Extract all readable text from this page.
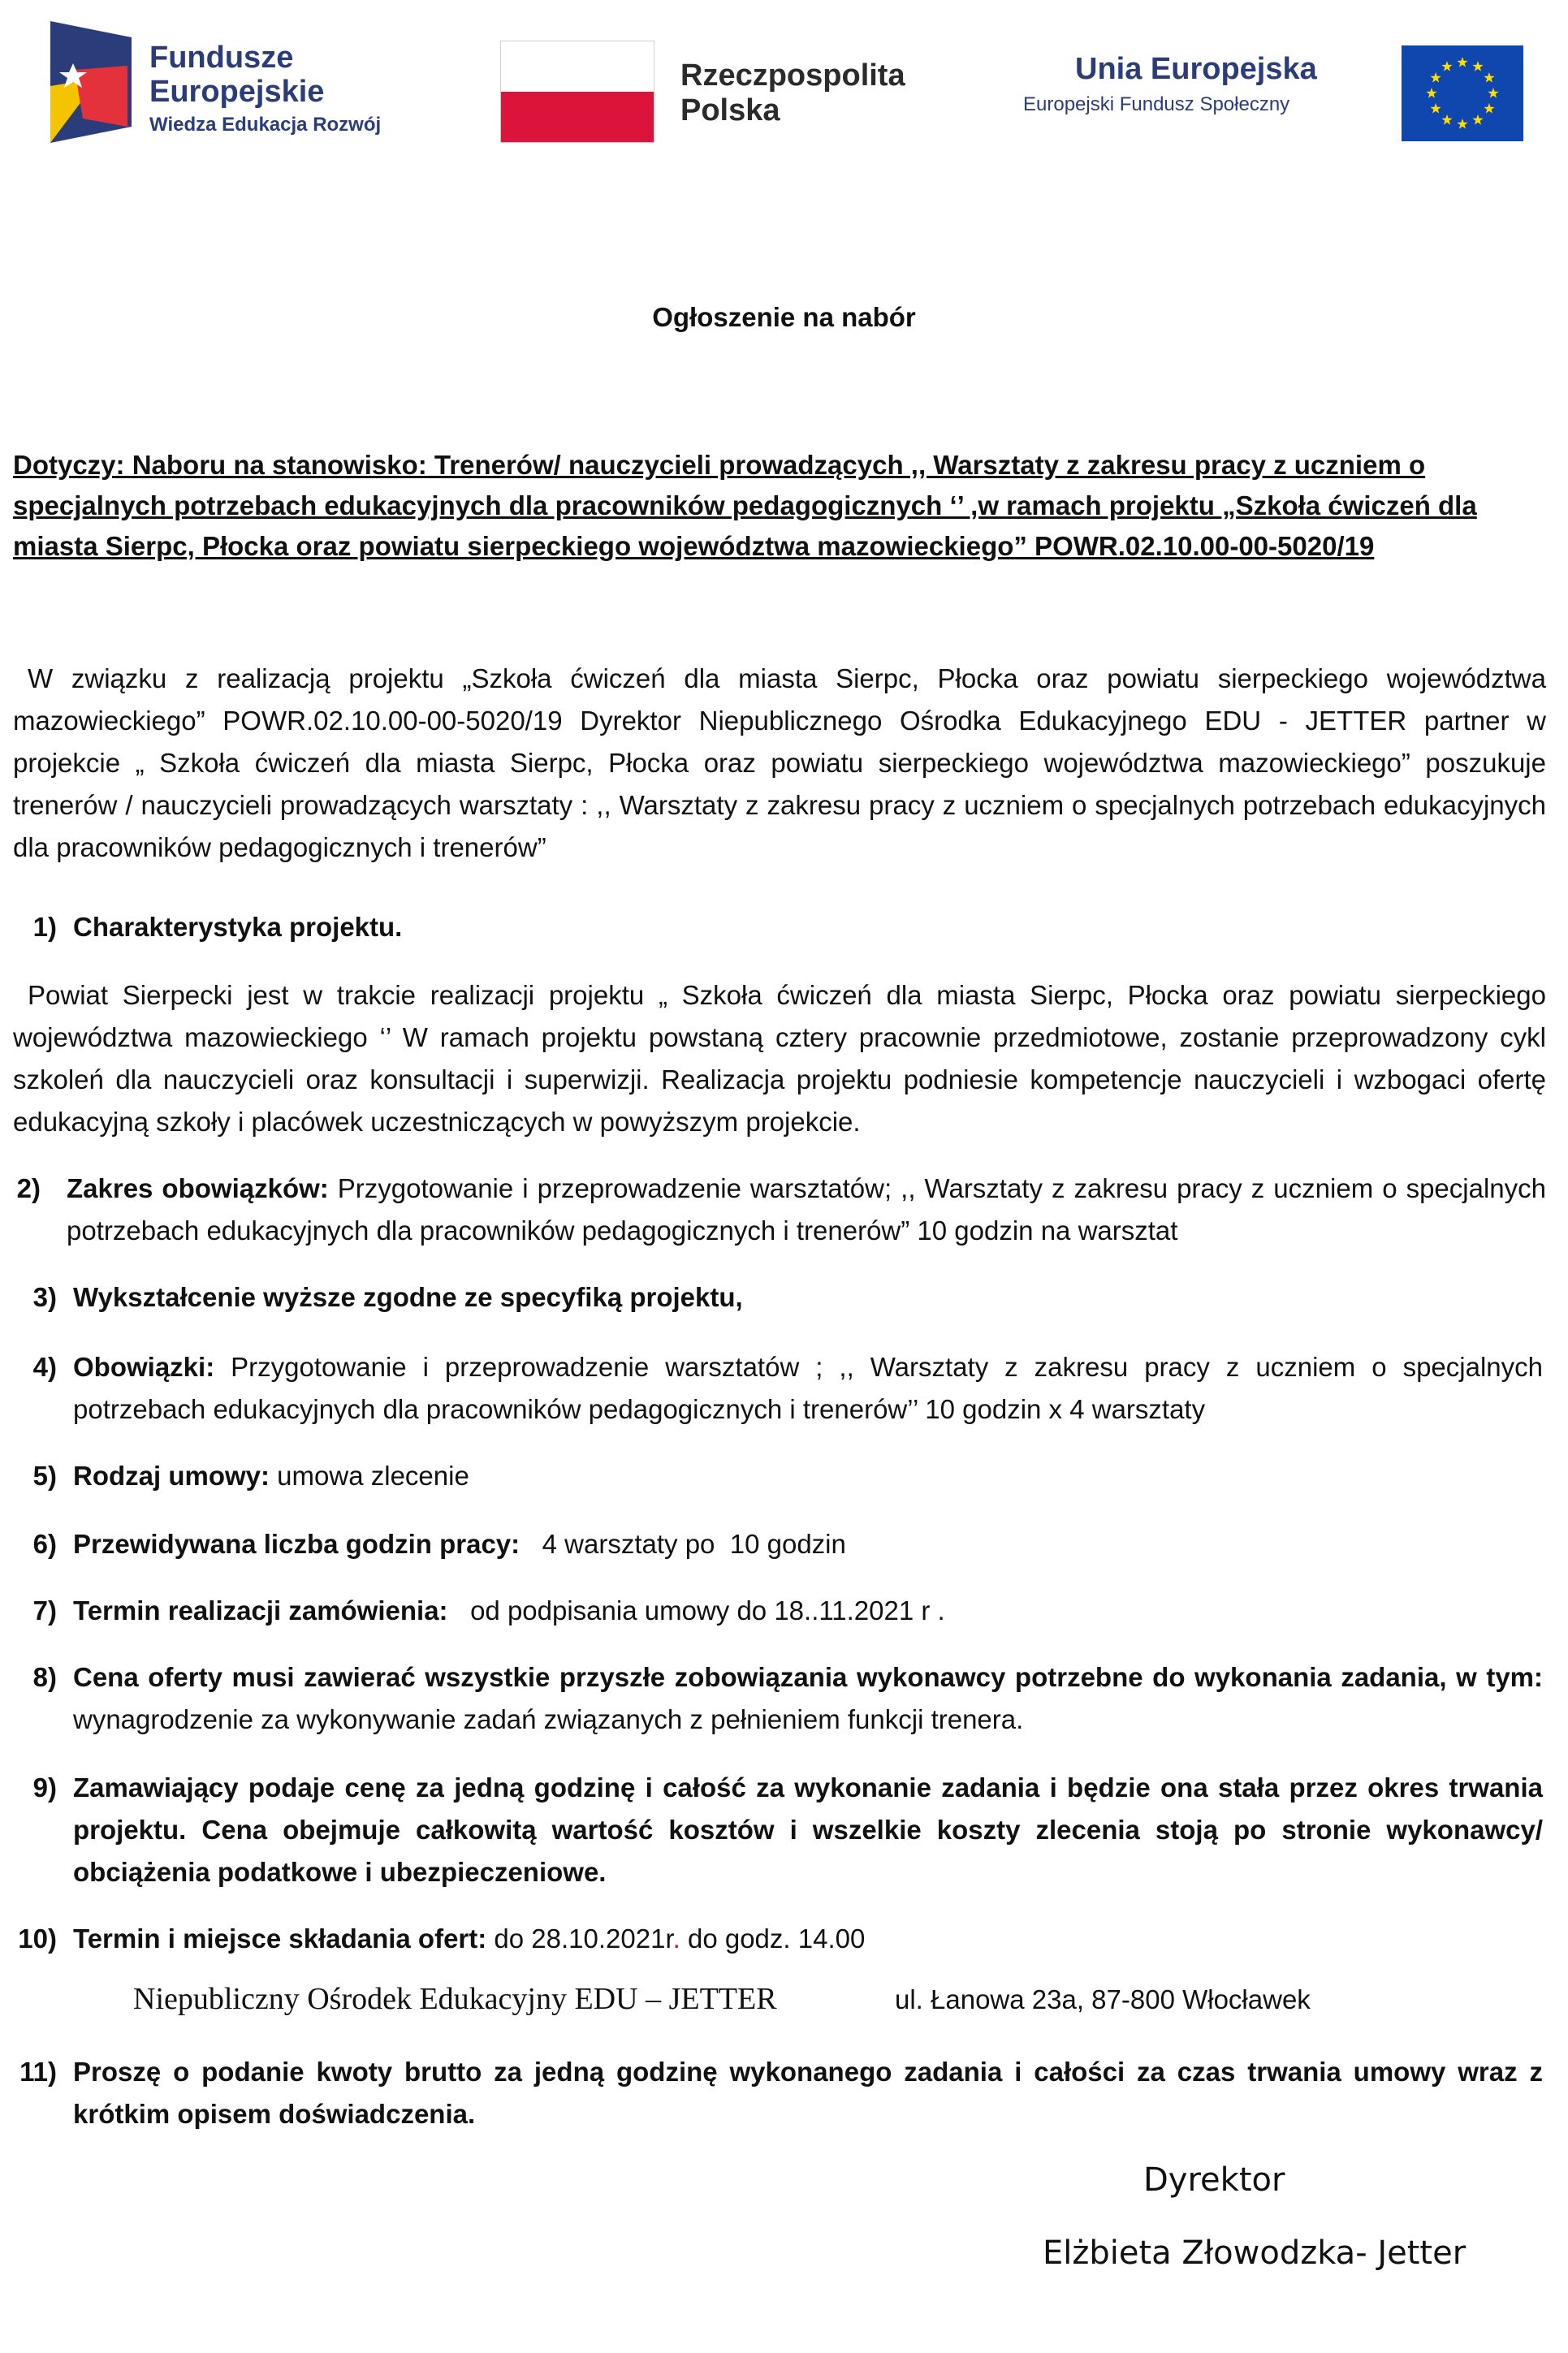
Fundusze
Europejskie
Wiedza Edukacja Rozwój
Rzeczpospolita
Polska
Unia Europejska
Europejski Fundusz Społeczny
Ogłoszenie na nabór
Dotyczy: Naboru na stanowisko: Trenerów/ nauczycieli prowadzących ,, Warsztaty z zakresu pracy z uczniem o specjalnych potrzebach edukacyjnych dla pracowników pedagogicznych ‘’ ,w ramach projektu „Szkoła ćwiczeń dla miasta Sierpc, Płocka oraz powiatu sierpeckiego województwa mazowieckiego” POWR.02.10.00-00-5020/19
W związku z realizacją projektu „Szkoła ćwiczeń dla miasta Sierpc, Płocka oraz powiatu sierpeckiego województwa mazowieckiego” POWR.02.10.00-00-5020/19 Dyrektor Niepublicznego Ośrodka Edukacyjnego EDU - JETTER partner w projekcie „ Szkoła ćwiczeń dla miasta Sierpc, Płocka oraz powiatu sierpeckiego województwa mazowieckiego” poszukuje trenerów / nauczycieli prowadzących warsztaty : ,, Warsztaty z zakresu pracy z uczniem o specjalnych potrzebach edukacyjnych dla pracowników pedagogicznych i trenerów”
1) Charakterystyka projektu.
Powiat Sierpecki jest w trakcie realizacji projektu „ Szkoła ćwiczeń dla miasta Sierpc, Płocka oraz powiatu sierpeckiego województwa mazowieckiego ‘’ W ramach projektu powstaną cztery pracownie przedmiotowe, zostanie przeprowadzony cykl szkoleń dla nauczycieli oraz konsultacji i superwizji. Realizacja projektu podniesie kompetencje nauczycieli i wzbogaci ofertę edukacyjną szkoły i placówek uczestniczących w powyższym projekcie.
2) Zakres obowiązków: Przygotowanie i przeprowadzenie warsztatów; ,, Warsztaty z zakresu pracy z uczniem o specjalnych potrzebach edukacyjnych dla pracowników pedagogicznych i trenerów” 10 godzin na warsztat
3) Wykształcenie wyższe zgodne ze specyfiką projektu,
4) Obowiązki: Przygotowanie i przeprowadzenie warsztatów ; ,, Warsztaty z zakresu pracy z uczniem o specjalnych potrzebach edukacyjnych dla pracowników pedagogicznych i trenerów’’ 10 godzin x 4 warsztaty
5) Rodzaj umowy: umowa zlecenie
6) Przewidywana liczba godzin pracy:   4 warsztaty po  10 godzin
7) Termin realizacji zamówienia:   od podpisania umowy do 18..11.2021 r .
8) Cena oferty musi zawierać wszystkie przyszłe zobowiązania wykonawcy potrzebne do wykonania zadania, w tym: wynagrodzenie za wykonywanie zadań związanych z pełnieniem funkcji trenera.
9) Zamawiający podaje cenę za jedną godzinę i całość za wykonanie zadania i będzie ona stała przez okres trwania projektu. Cena obejmuje całkowitą wartość kosztów i wszelkie koszty zlecenia stoją po stronie wykonawcy/ obciążenia podatkowe i ubezpieczeniowe.
10) Termin i miejsce składania ofert: do 28.10.2021r. do godz. 14.00
Niepubliczny Ośrodek Edukacyjny EDU – JETTER	ul. Łanowa 23a, 87-800 Włocławek
11) Proszę o podanie kwoty brutto za jedną godzinę wykonanego zadania i całości za czas trwania umowy wraz z krótkim opisem doświadczenia.
Dyrektor
Elżbieta Złowodzka- Jetter
